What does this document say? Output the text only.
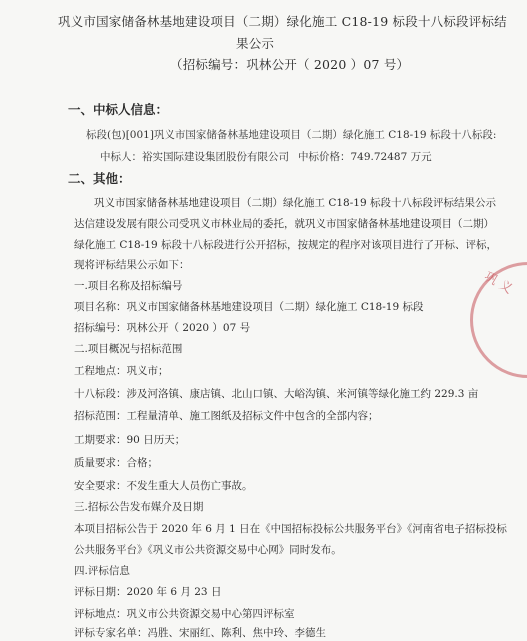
巩义市国家储备林基地建设项目（二期）绿化施工 C18-19 标段十八标段评标结
果公示
（招标编号：巩林公开（ 2020 ）07 号）
一、中标人信息：
标段(包)[001]巩义市国家储备林基地建设项目（二期）绿化施工 C18-19 标段十八标段:
中标人：裕实国际建设集团股份有限公司 中标价格：749.72487 万元
二、其他：
巩义市国家储备林基地建设项目（二期）绿化施工 C18-19 标段十八标段评标结果公示
达信建设发展有限公司受巩义市林业局的委托，就巩义市国家储备林基地建设项目（二期）
绿化施工 C18-19 标段十八标段进行公开招标，按规定的程序对该项目进行了开标、评标，
现将评标结果公示如下：
一.项目名称及招标编号
项目名称：巩义市国家储备林基地建设项目（二期）绿化施工 C18-19 标段
招标编号：巩林公开（ 2020 ）07 号
二.项目概况与招标范围
工程地点：巩义市；
十八标段：涉及河洛镇、康店镇、北山口镇、大峪沟镇、米河镇等绿化施工约 229.3 亩
招标范围：工程量清单、施工图纸及招标文件中包含的全部内容；
工期要求：90 日历天；
质量要求：合格；
安全要求：不发生重大人员伤亡事故。
三.招标公告发布媒介及日期
本项目招标公告于 2020 年 6 月 1 日在《中国招标投标公共服务平台》《河南省电子招标投标
公共服务平台》《巩义市公共资源交易中心网》同时发布。
四.评标信息
评标日期：2020 年 6 月 23 日
评标地点：巩义市公共资源交易中心第四评标室
评标专家名单：冯胜、宋丽红、陈利、焦中玲、李德生
巩 义
